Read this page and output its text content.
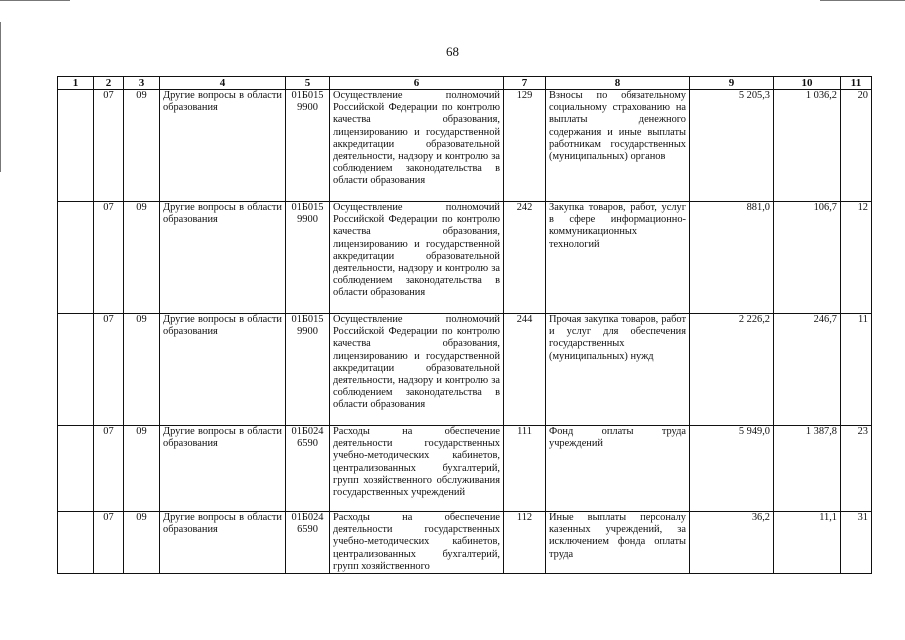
68
1	2	3	4	5	6	7	8	9	10	11
	07	09	Другие вопросы в области образования	01Б015 9900	Осуществление полномочий Российской Федерации по контролю качества образования, лицензированию и государственной аккредитации образовательной деятельности, надзору и контролю за соблюдением законодательства в области образования	129	Взносы по обязательному социальному страхованию на выплаты денежного содержания и иные выплаты работникам государственных (муниципальных) органов	5 205,3	1 036,2	20
	07	09	Другие вопросы в области образования	01Б015 9900	Осуществление полномочий Российской Федерации по контролю качества образования, лицензированию и государственной аккредитации образовательной деятельности, надзору и контролю за соблюдением законодательства в области образования	242	Закупка товаров, работ, услуг в сфере информационно-коммуникационных технологий	881,0	106,7	12
	07	09	Другие вопросы в области образования	01Б015 9900	Осуществление полномочий Российской Федерации по контролю качества образования, лицензированию и государственной аккредитации образовательной деятельности, надзору и контролю за соблюдением законодательства в области образования	244	Прочая закупка товаров, работ и услуг для обеспечения государственных (муниципальных) нужд	2 226,2	246,7	11
	07	09	Другие вопросы в области образования	01Б024 6590	Расходы на обеспечение деятельности государственных учебно-методических кабинетов, централизованных бухгалтерий, групп хозяйственного обслуживания государственных учреждений	111	Фонд оплаты труда учреждений	5 949,0	1 387,8	23
	07	09	Другие вопросы в области образования	01Б024 6590	Расходы на обеспечение деятельности государственных учебно-методических кабинетов, централизованных бухгалтерий, групп хозяйственного	112	Иные выплаты персоналу казенных учреждений, за исключением фонда оплаты труда	36,2	11,1	31
